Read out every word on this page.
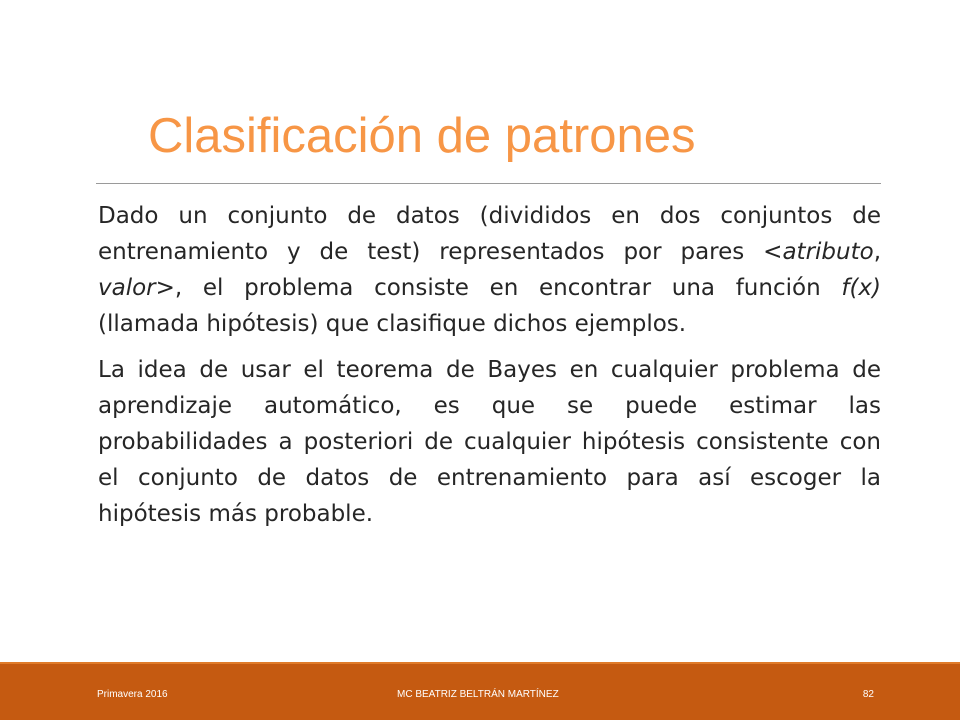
Clasificación de patrones

Dado un conjunto de datos (divididos en dos conjuntos de entrenamiento y de test) representados por pares <atributo, valor>, el problema consiste en encontrar una función f(x) (llamada hipótesis) que clasifique dichos ejemplos.

La idea de usar el teorema de Bayes en cualquier problema de aprendizaje automático, es que se puede estimar las probabilidades a posteriori de cualquier hipótesis consistente con el conjunto de datos de entrenamiento para así escoger la hipótesis más probable.

Primavera 2016	MC BEATRIZ BELTRÁN MARTÍNEZ	82
